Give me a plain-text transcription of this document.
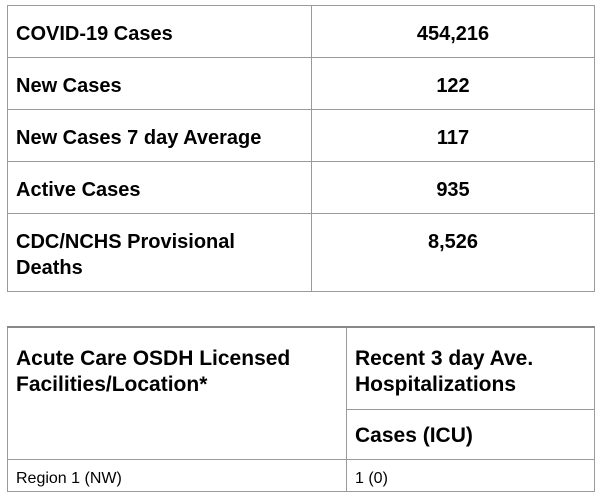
COVID-19 Cases	454,216
New Cases	122
New Cases 7 day Average	117
Active Cases	935
CDC/NCHS Provisional Deaths	8,526
Acute Care OSDH Licensed Facilities/Location*	Recent 3 day Ave. Hospitalizations
	Cases (ICU)
Region 1 (NW)	1 (0)
